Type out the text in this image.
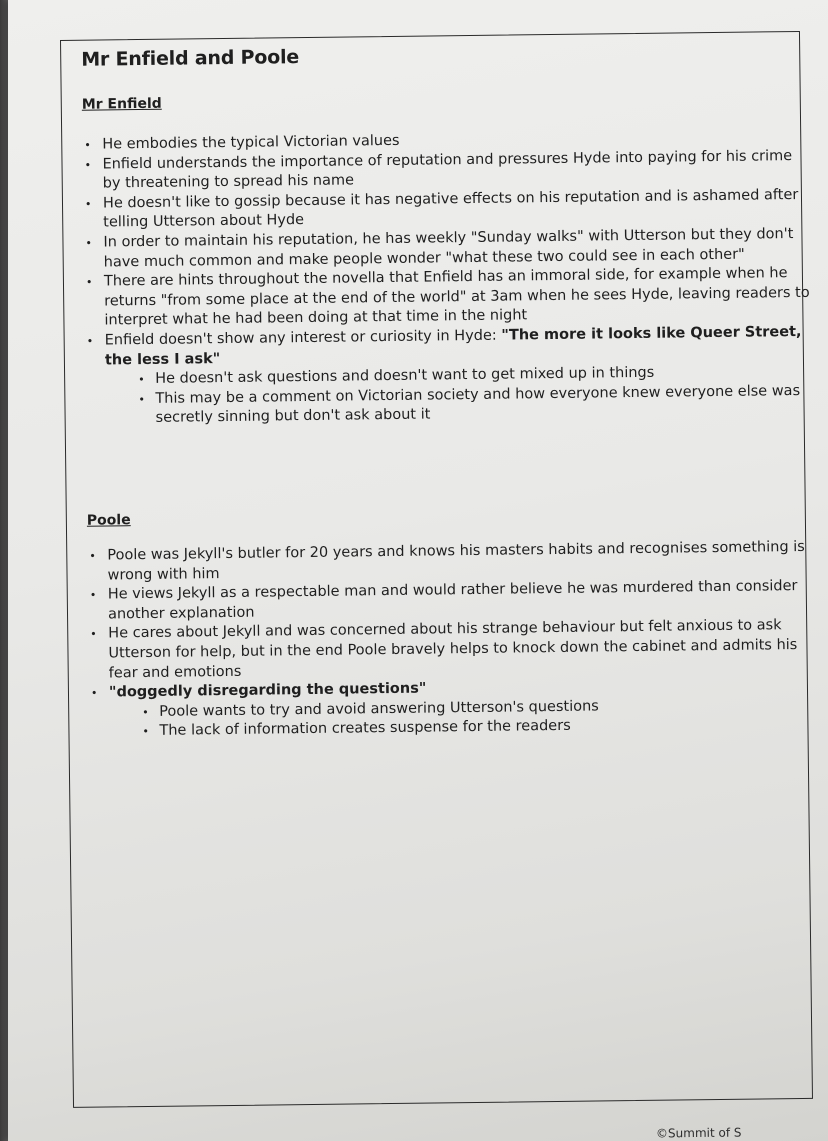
Mr Enfield and Poole
Mr Enfield
• He embodies the typical Victorian values
• Enfield understands the importance of reputation and pressures Hyde into paying for his crime by threatening to spread his name
• He doesn't like to gossip because it has negative effects on his reputation and is ashamed after telling Utterson about Hyde
• In order to maintain his reputation, he has weekly "Sunday walks" with Utterson but they don't have much common and make people wonder "what these two could see in each other"
• There are hints throughout the novella that Enfield has an immoral side, for example when he returns "from some place at the end of the world" at 3am when he sees Hyde, leaving readers to interpret what he had been doing at that time in the night
• Enfield doesn't show any interest or curiosity in Hyde: "The more it looks like Queer Street, the less I ask"
• He doesn't ask questions and doesn't want to get mixed up in things
• This may be a comment on Victorian society and how everyone knew everyone else was secretly sinning but don't ask about it
Poole
• Poole was Jekyll's butler for 20 years and knows his masters habits and recognises something is wrong with him
• He views Jekyll as a respectable man and would rather believe he was murdered than consider another explanation
• He cares about Jekyll and was concerned about his strange behaviour but felt anxious to ask Utterson for help, but in the end Poole bravely helps to knock down the cabinet and admits his fear and emotions
• "doggedly disregarding the questions"
• Poole wants to try and avoid answering Utterson's questions
• The lack of information creates suspense for the readers
©Summit of S
